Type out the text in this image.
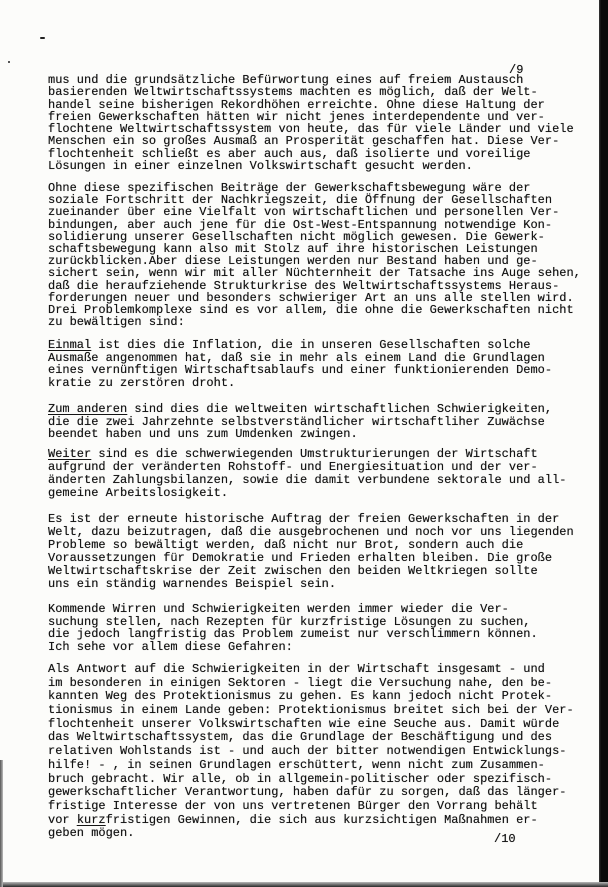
/9
mus und die grundsätzliche Befürwortung eines auf freiem Austausch
basierenden Weltwirtschaftssystems machten es möglich, daß der Welt-
handel seine bisherigen Rekordhöhen erreichte. Ohne diese Haltung der
freien Gewerkschaften hätten wir nicht jenes interdependente und ver-
flochtene Weltwirtschaftssystem von heute, das für viele Länder und viele
Menschen ein so großes Ausmaß an Prosperität geschaffen hat. Diese Ver-
flochtenheit schließt es aber auch aus, daß isolierte und voreilige
Lösungen in einer einzelnen Volkswirtschaft gesucht werden.
Ohne diese spezifischen Beiträge der Gewerkschaftsbewegung wäre der
soziale Fortschritt der Nachkriegszeit, die Öffnung der Gesellschaften
zueinander über eine Vielfalt von wirtschaftlichen und personellen Ver-
bindungen, aber auch jene für die Ost-West-Entspannung notwendige Kon-
solidierung unserer Gesellschaften nicht möglich gewesen. Die Gewerk-
schaftsbewegung kann also mit Stolz auf ihre historischen Leistungen
zurückblicken.Aber diese Leistungen werden nur Bestand haben und ge-
sichert sein, wenn wir mit aller Nüchternheit der Tatsache ins Auge sehen,
daß die heraufziehende Strukturkrise des Weltwirtschaftssystems Heraus-
forderungen neuer und besonders schwieriger Art an uns alle stellen wird.
Drei Problemkomplexe sind es vor allem, die ohne die Gewerkschaften nicht
zu bewältigen sind:
Einmal ist dies die Inflation, die in unseren Gesellschaften solche
Ausmaße angenommen hat, daß sie in mehr als einem Land die Grundlagen
eines vernünftigen Wirtschaftsablaufs und einer funktionierenden Demo-
kratie zu zerstören droht.
Zum anderen sind dies die weltweiten wirtschaftlichen Schwierigkeiten,
die die zwei Jahrzehnte selbstverständlicher wirtschaftliher Zuwächse
beendet haben und uns zum Umdenken zwingen.
Weiter sind es die schwerwiegenden Umstrukturierungen der Wirtschaft
aufgrund der veränderten Rohstoff- und Energiesituation und der ver-
änderten Zahlungsbilanzen, sowie die damit verbundene sektorale und all-
gemeine Arbeitslosigkeit.
Es ist der erneute historische Auftrag der freien Gewerkschaften in der
Welt, dazu beizutragen, daß die ausgebrochenen und noch vor uns liegenden
Probleme so bewältigt werden, daß nicht nur Brot, sondern auch die
Voraussetzungen für Demokratie und Frieden erhalten bleiben. Die große
Weltwirtschaftskrise der Zeit zwischen den beiden Weltkriegen sollte
uns ein ständig warnendes Beispiel sein.
Kommende Wirren und Schwierigkeiten werden immer wieder die Ver-
suchung stellen, nach Rezepten für kurzfristige Lösungen zu suchen,
die jedoch langfristig das Problem zumeist nur verschlimmern können.
Ich sehe vor allem diese Gefahren:
Als Antwort auf die Schwierigkeiten in der Wirtschaft insgesamt - und
im besonderen in einigen Sektoren - liegt die Versuchung nahe, den be-
kannten Weg des Protektionismus zu gehen. Es kann jedoch nicht Protek-
tionismus in einem Lande geben: Protektionismus breitet sich bei der Ver-
flochtenheit unserer Volkswirtschaften wie eine Seuche aus. Damit würde
das Weltwirtschaftssystem, das die Grundlage der Beschäftigung und des
relativen Wohlstands ist - und auch der bitter notwendigen Entwicklungs-
hilfe! - , in seinen Grundlagen erschüttert, wenn nicht zum Zusammen-
bruch gebracht. Wir alle, ob in allgemein-politischer oder spezifisch-
gewerkschaftlicher Verantwortung, haben dafür zu sorgen, daß das länger-
fristige Interesse der von uns vertretenen Bürger den Vorrang behält
vor kurzfristigen Gewinnen, die sich aus kurzsichtigen Maßnahmen er-
geben mögen.	/10
